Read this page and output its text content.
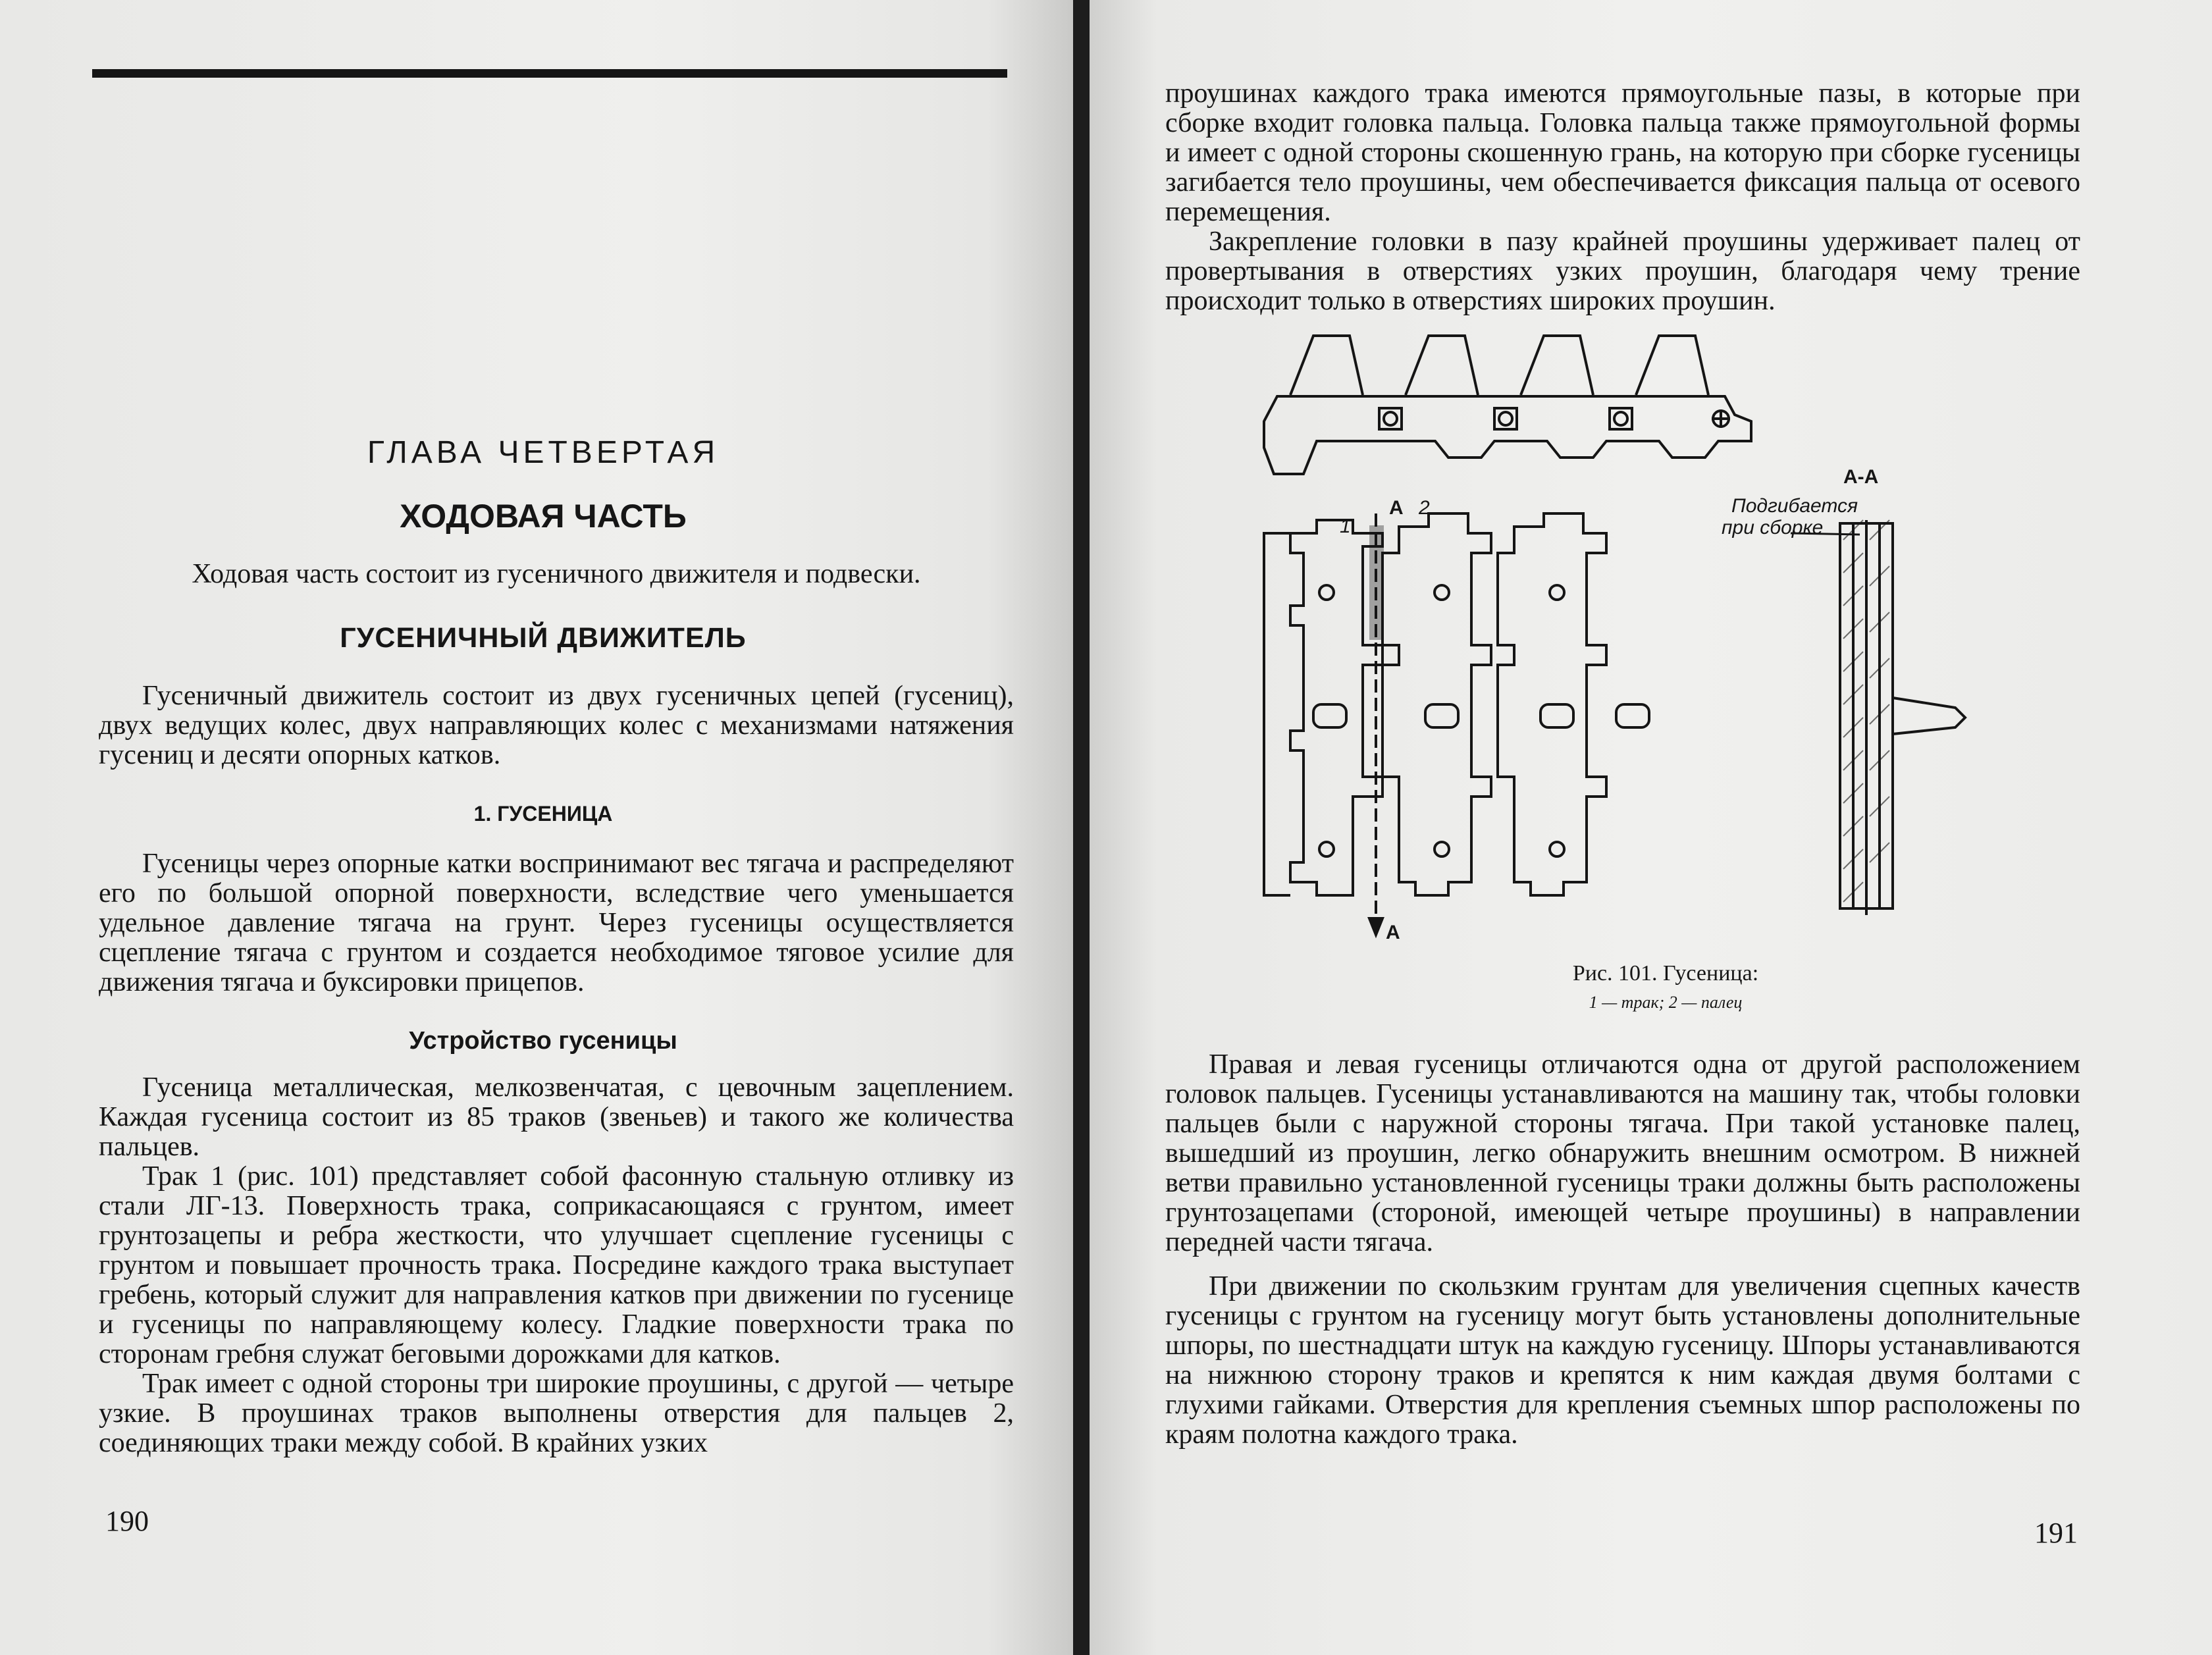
ГЛАВА ЧЕТВЕРТАЯ
ХОДОВАЯ ЧАСТЬ

Ходовая часть состоит из гусеничного движителя и подвески.

ГУСЕНИЧНЫЙ ДВИЖИТЕЛЬ

Гусеничный движитель состоит из двух гусеничных цепей (гусениц), двух ведущих колес, двух направляющих колес с механизмами натяжения гусениц и десяти опорных катков.

1. ГУСЕНИЦА

Гусеницы через опорные катки воспринимают вес тягача и распределяют его по большой опорной поверхности, вследствие чего уменьшается удельное давление тягача на грунт. Через гусеницы осуществляется сцепление тягача с грунтом и создается необходимое тяговое усилие для движения тягача и буксировки прицепов.

Устройство гусеницы

Гусеница металлическая, мелкозвенчатая, с цевочным зацеплением. Каждая гусеница состоит из 85 траков (звеньев) и такого же количества пальцев.

Трак 1 (рис. 101) представляет собой фасонную стальную отливку из стали ЛГ-13. Поверхность трака, соприкасающаяся с грунтом, имеет грунтозацепы и ребра жесткости, что улучшает сцепление гусеницы с грунтом и повышает прочность трака. Посредине каждого трака выступает гребень, который служит для направления катков при движении по гусенице и гусеницы по направляющему колесу. Гладкие поверхности трака по сторонам гребня служат беговыми дорожками для катков.

Трак имеет с одной стороны три широкие проушины, с другой — четыре узкие. В проушинах траков выполнены отверстия для пальцев 2, соединяющих траки между собой. В крайних узких

190

проушинах каждого трака имеются прямоугольные пазы, в которые при сборке входит головка пальца. Головка пальца также прямоугольной формы и имеет с одной стороны скошенную грань, на которую при сборке гусеницы загибается тело проушины, чем обеспечивается фиксация пальца от осевого перемещения.

Закрепление головки в пазу крайней проушины удерживает палец от провертывания в отверстиях узких проушин, благодаря чему трение происходит только в отверстиях широких проушин.

А-А
Подгибается
при сборке
А
А
1
2
Рис. 101. Гусеница:
1 — трак; 2 — палец

Правая и левая гусеницы отличаются одна от другой расположением головок пальцев. Гусеницы устанавливаются на машину так, чтобы головки пальцев были с наружной стороны тягача. При такой установке палец, вышедший из проушин, легко обнаружить внешним осмотром. В нижней ветви правильно установленной гусеницы траки должны быть расположены грунтозацепами (стороной, имеющей четыре проушины) в направлении передней части тягача.

При движении по скользким грунтам для увеличения сцепных качеств гусеницы с грунтом на гусеницу могут быть установлены дополнительные шпоры, по шестнадцати штук на каждую гусеницу. Шпоры устанавливаются на нижнюю сторону траков и крепятся к ним каждая двумя болтами с глухими гайками. Отверстия для крепления съемных шпор расположены по краям полотна каждого трака.

191
